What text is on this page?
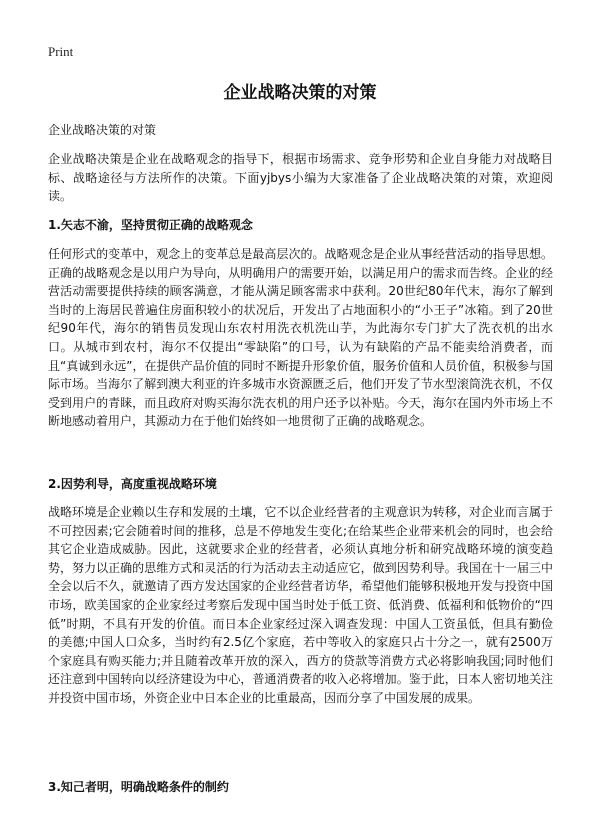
Print
企业战略决策的对策

企业战略决策的对策

企业战略决策是企业在战略观念的指导下，根据市场需求、竞争形势和企业自身能力对战略目标、战略途径与方法所作的决策。下面yjbys小编为大家准备了企业战略决策的对策，欢迎阅读。

1.矢志不渝，坚持贯彻正确的战略观念

任何形式的变革中，观念上的变革总是最高层次的。战略观念是企业从事经营活动的指导思想。正确的战略观念是以用户为导向，从明确用户的需要开始，以满足用户的需求而告终。企业的经营活动需要提供持续的顾客满意，才能从满足顾客需求中获利。20世纪80年代末，海尔了解到当时的上海居民普遍住房面积较小的状况后，开发出了占地面积小的“小王子”冰箱。到了20世纪90年代，海尔的销售员发现山东农村用洗衣机洗山芋，为此海尔专门扩大了洗衣机的出水口。从城市到农村，海尔不仅提出“零缺陷”的口号，认为有缺陷的产品不能卖给消费者，而且“真诚到永远”，在提供产品价值的同时不断提升形象价值，服务价值和人员价值，积极参与国际市场。当海尔了解到澳大利亚的许多城市水资源匮乏后，他们开发了节水型滚筒洗衣机，不仅受到用户的青睐，而且政府对购买海尔洗衣机的用户还予以补贴。今天，海尔在国内外市场上不断地感动着用户，其源动力在于他们始终如一地贯彻了正确的战略观念。

2.因势利导，高度重视战略环境

战略环境是企业赖以生存和发展的土壤，它不以企业经营者的主观意识为转移，对企业而言属于不可控因素;它会随着时间的推移，总是不停地发生变化;在给某些企业带来机会的同时，也会给其它企业造成威胁。因此，这就要求企业的经营者，必须认真地分析和研究战略环境的演变趋势，努力以正确的思维方式和灵活的行为活动去主动适应它，做到因势利导。我国在十一届三中全会以后不久，就邀请了西方发达国家的企业经营者访华，希望他们能够积极地开发与投资中国市场，欧美国家的企业家经过考察后发现中国当时处于低工资、低消费、低福利和低物价的“四低”时期，不具有开发的价值。而日本企业家经过深入调查发现：中国人工资虽低，但具有勤俭的美德;中国人口众多，当时约有2.5亿个家庭，若中等收入的家庭只占十分之一，就有2500万个家庭具有购买能力;并且随着改革开放的深入，西方的贷款等消费方式必将影响我国;同时他们还注意到中国转向以经济建设为中心，普通消费者的收入必将增加。鉴于此，日本人密切地关注并投资中国市场，外资企业中日本企业的比重最高，因而分享了中国发展的成果。

3.知己者明，明确战略条件的制约
